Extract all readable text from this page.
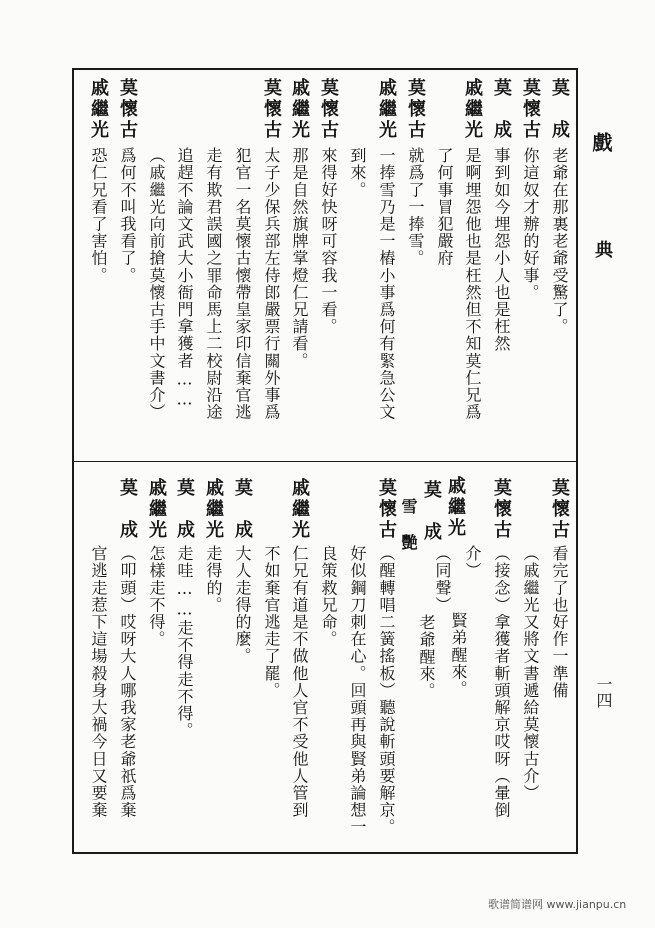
戲
典
一四
莫　成
老爺在那裏老爺受驚了。
莫懷古
你這奴才辦的好事。
莫　成
事到如今埋怨小人也是枉然
戚繼光
是啊埋怨他也是枉然但不知莫仁兄爲
了何事冒犯嚴府
莫懷古
就爲了一捧雪。
戚繼光
一捧雪乃是一樁小事爲何有緊急公文
到來。
莫懷古
來得好快呀可容我一看。
戚繼光
那是自然旗牌掌燈仁兄請看。
莫懷古
太子少保兵部左侍郎嚴票行關外事爲
犯官一名莫懷古懷帶皇家印信棄官逃
走有欺君誤國之罪命馬上二校尉沿途
追趕不論文武大小衙門拿獲者……
（戚繼光向前搶莫懷古手中文書介）
莫懷古
爲何不叫我看了。
戚繼光
恐仁兄看了害怕。
莫懷古
看完了也好作一準備
（戚繼光又將文書遞給莫懷古介）
莫懷古
（接念）拿獲者斬頭解京哎呀（暈倒
介）
戚繼光
莫　成
雪　艷
（同聲）
賢弟醒來。
老爺醒來。
莫懷古
（醒轉唱二簧搖板）聽說斬頭要解京。
好似鋼刀刺在心。回頭再與賢弟論想一
良策救兄命。
戚繼光
仁兄有道是不做他人官不受他人管到
不如棄官逃走了罷。
莫　成
大人走得的麼。
戚繼光
走得的。
莫　成
走哇……走不得走不得。
戚繼光
怎樣走不得。
莫　成
（叩頭）哎呀大人哪我家老爺祇爲棄
官逃走惹下這場殺身大禍今日又要棄
歌谱简谱网 www.jianpu.cn
